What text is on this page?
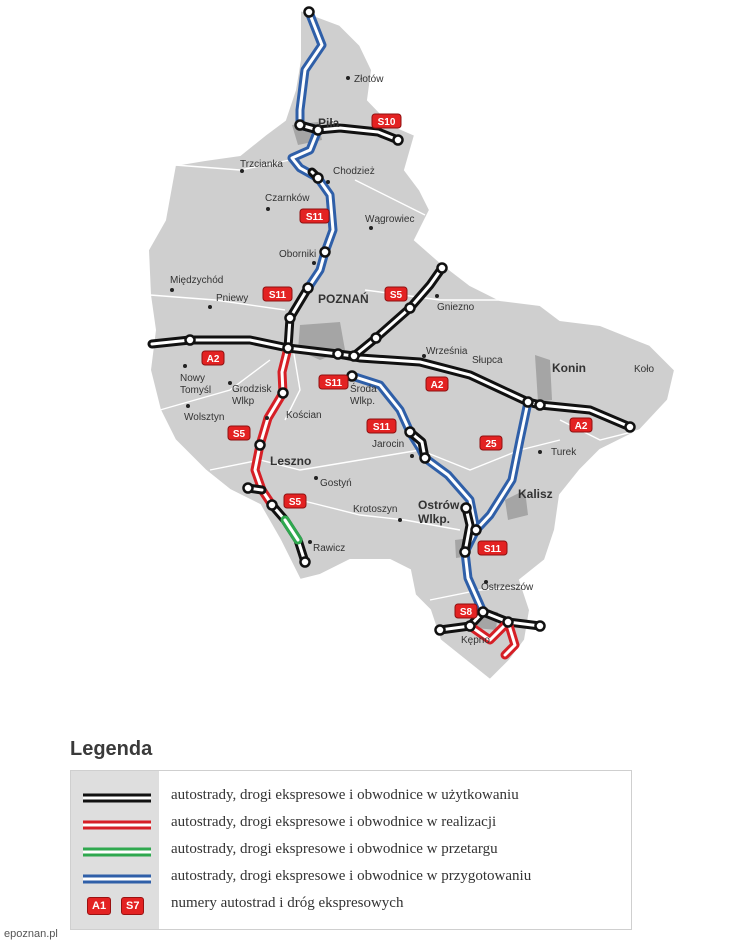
Złotów
Piła
Trzcianka
Chodzież
Czarnków
Wągrowiec
Oborniki
Międzychód
Pniewy	POZNAŃ
Gniezno
Września
Słupca
Konin	Koło
Nowy Tomyśl Grodzisk Wlkp
Wolsztyn	Kościan
Środa Wlkp.
Jarocin
Turek
Leszno
Gostyń
Krotoszyn
Kalisz
Ostrów Wlkp.
Rawicz
Ostrzeszów
Kępno
S10
S11
S11	S5
A2
S11	A2
S11
25
A2
S5
S5
S11
S8
Legenda
autostrady, drogi ekspresowe i obwodnice w użytkowaniu
autostrady, drogi ekspresowe i obwodnice w realizacji
autostrady, drogi ekspresowe i obwodnice w przetargu
autostrady, drogi ekspresowe i obwodnice w przygotowaniu
A1	S7	numery autostrad i dróg ekspresowych
epoznan.pl
